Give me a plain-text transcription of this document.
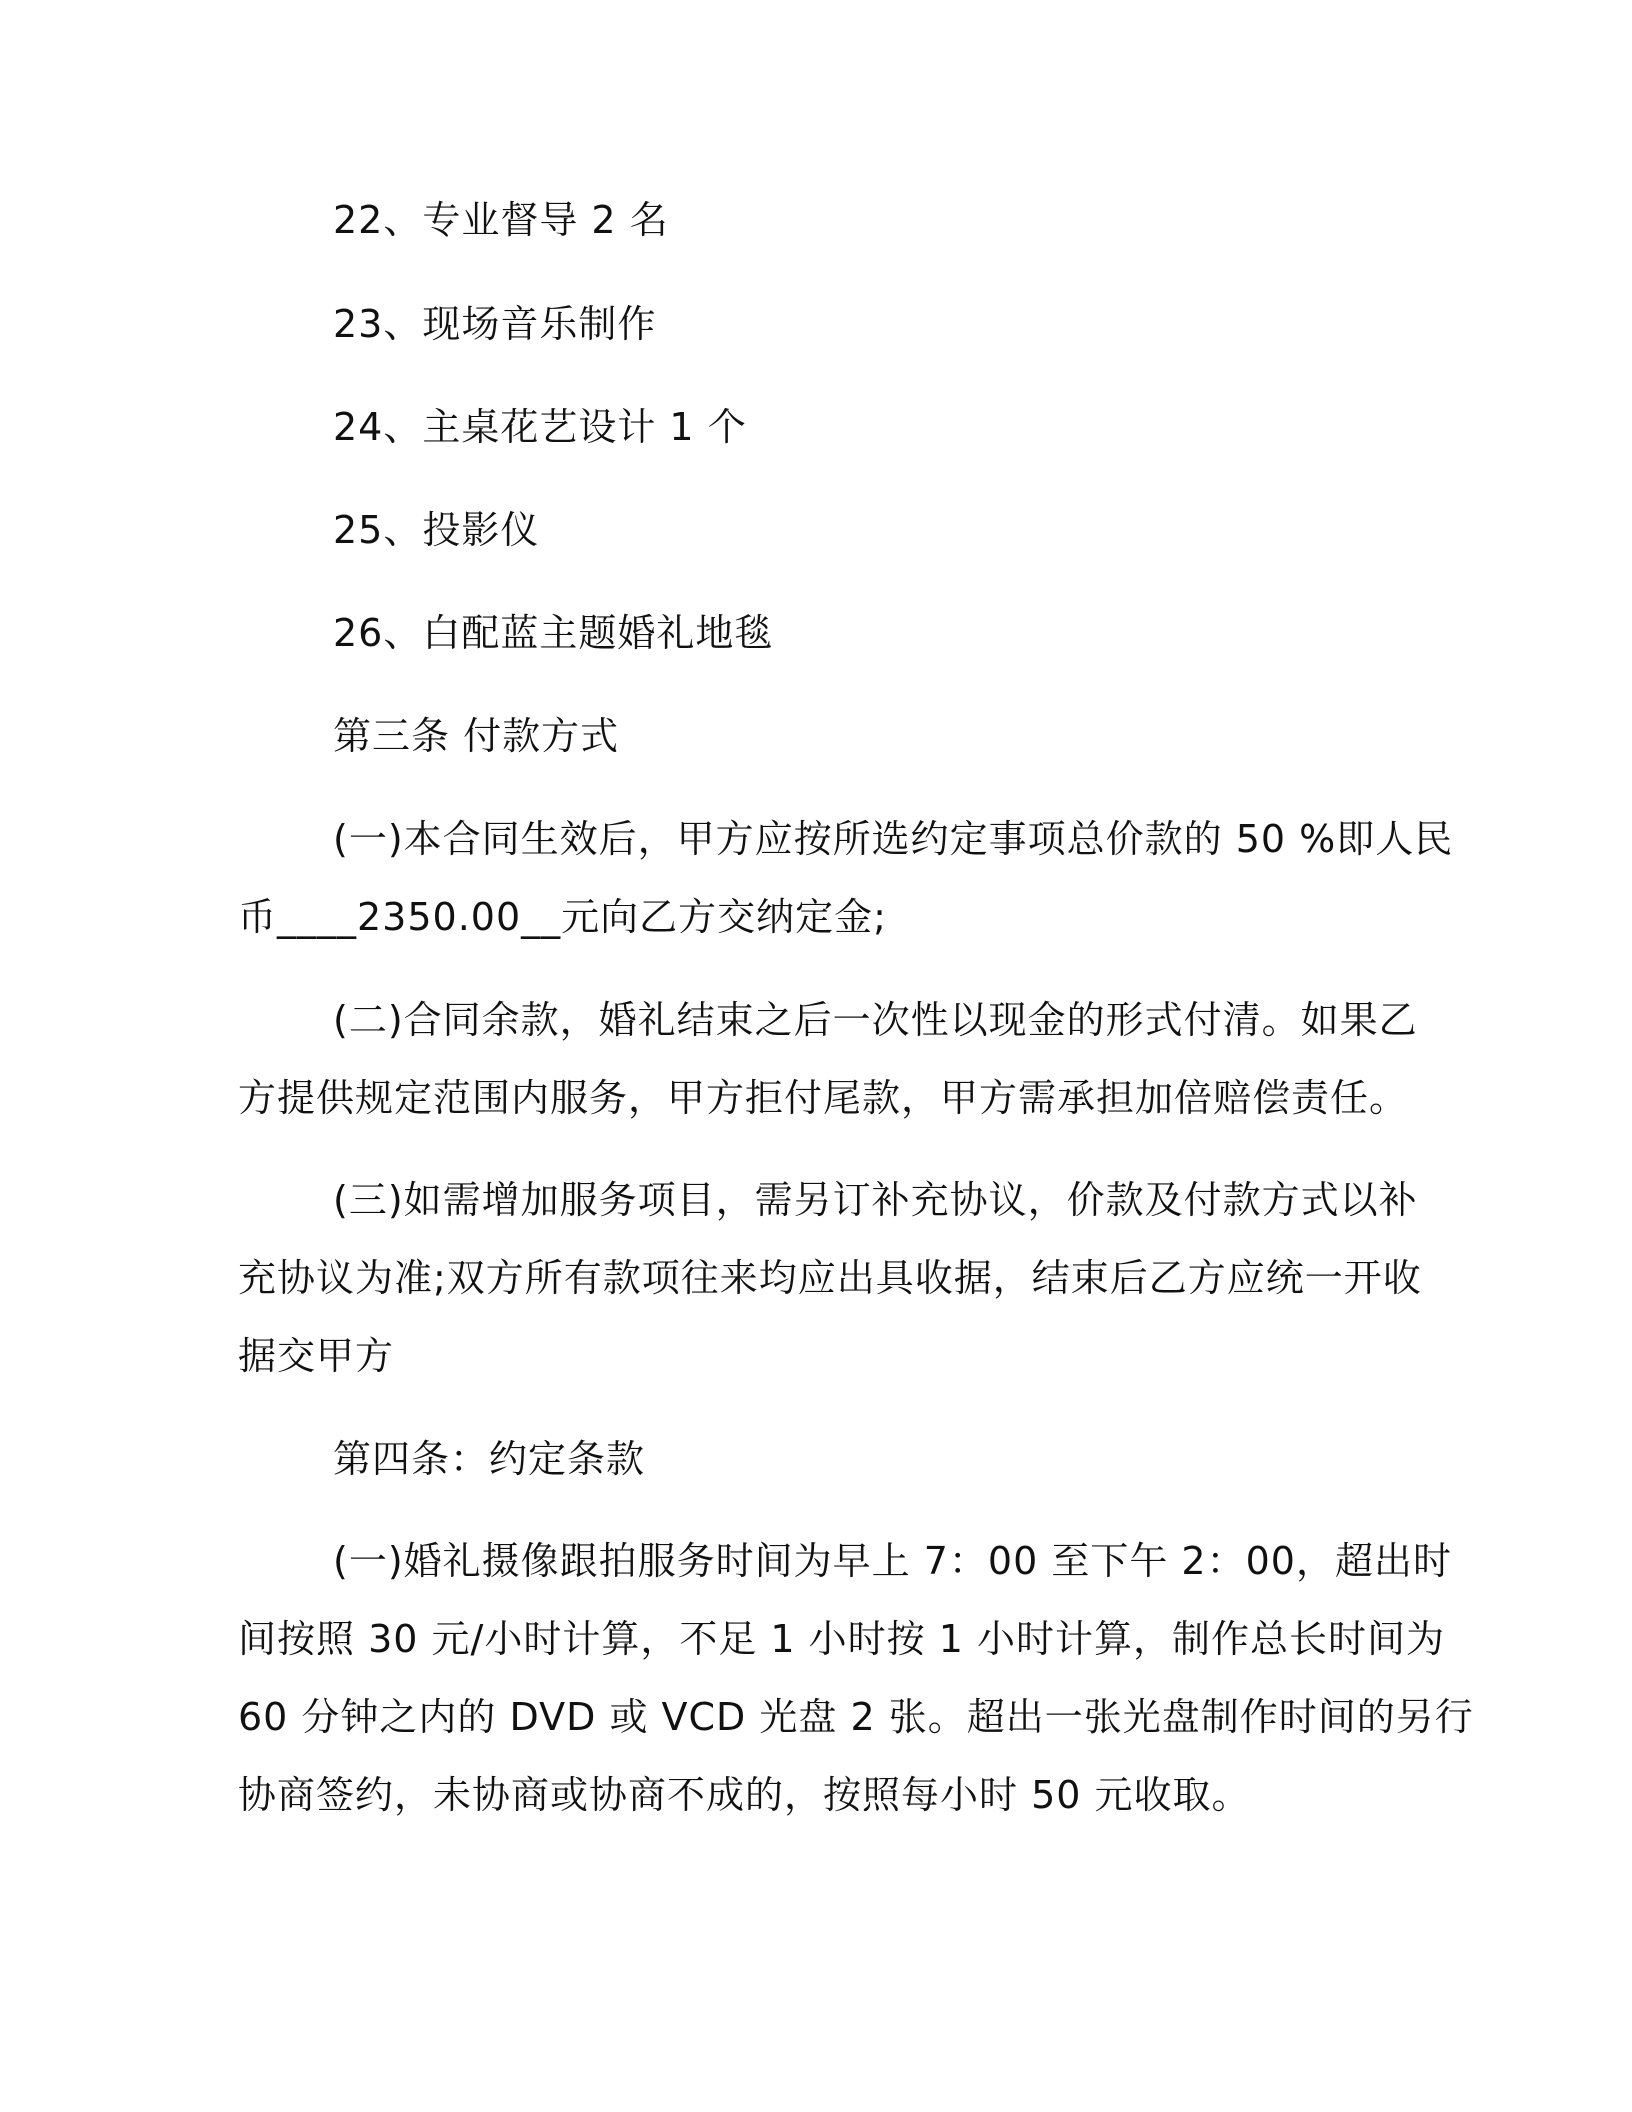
22、专业督导 2 名
23、现场音乐制作
24、主桌花艺设计 1 个
25、投影仪
26、白配蓝主题婚礼地毯
第三条 付款方式
(一)本合同生效后，甲方应按所选约定事项总价款的 50 %即人民
币____2350.00__元向乙方交纳定金;
(二)合同余款，婚礼结束之后一次性以现金的形式付清。如果乙
方提供规定范围内服务，甲方拒付尾款，甲方需承担加倍赔偿责任。
(三)如需增加服务项目，需另订补充协议，价款及付款方式以补
充协议为准;双方所有款项往来均应出具收据，结束后乙方应统一开收
据交甲方
第四条：约定条款
(一)婚礼摄像跟拍服务时间为早上 7：00 至下午 2：00，超出时
间按照 30 元/小时计算，不足 1 小时按 1 小时计算，制作总长时间为
60 分钟之内的 DVD 或 VCD 光盘 2 张。超出一张光盘制作时间的另行
协商签约，未协商或协商不成的，按照每小时 50 元收取。
